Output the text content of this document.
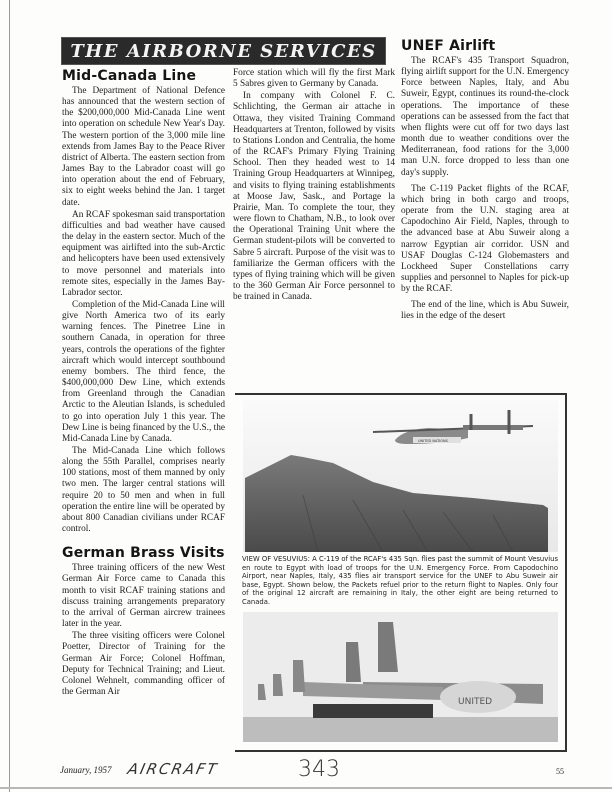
THE AIRBORNE SERVICES
Mid-Canada Line

The Department of National Defence has announced that the western section of the $200,000,000 Mid-Canada Line went into operation on schedule New Year's Day. The western portion of the 3,000 mile line extends from James Bay to the Peace River district of Alberta. The eastern section from James Bay to the Labrador coast will go into operation about the end of February, six to eight weeks behind the Jan. 1 target date.

An RCAF spokesman said transportation difficulties and bad weather have caused the delay in the eastern sector. Much of the equipment was airlifted into the sub-Arctic and helicopters have been used extensively to move personnel and materials into remote sites, especially in the James Bay-Labrador sector.

Completion of the Mid-Canada Line will give North America two of its early warning fences. The Pinetree Line in southern Canada, in operation for three years, controls the operations of the fighter aircraft which would intercept southbound enemy bombers. The third fence, the $400,000,000 Dew Line, which extends from Greenland through the Canadian Arctic to the Aleutian Islands, is scheduled to go into operation July 1 this year. The Dew Line is being financed by the U.S., the Mid-Canada Line by Canada.

The Mid-Canada Line which follows along the 55th Parallel, comprises nearly 100 stations, most of them manned by only two men. The larger central stations will require 20 to 50 men and when in full operation the entire line will be operated by about 800 Canadian civilians under RCAF control.

German Brass Visits

Three training officers of the new West German Air Force came to Canada this month to visit RCAF training stations and discuss training arrangements preparatory to the arrival of German aircrew trainees later in the year.

The three visiting officers were Colonel Poetter, Director of Training for the German Air Force; Colonel Hoffman, Deputy for Technical Training; and Lieut. Colonel Wehnelt, commanding officer of the German Air

Force station which will fly the first Mark 5 Sabres given to Germany by Canada.

In company with Colonel F. C. Schlichting, the German air attache in Ottawa, they visited Training Command Headquarters at Trenton, followed by visits to Stations London and Centralia, the home of the RCAF's Primary Flying Training School. Then they headed west to 14 Training Group Headquarters at Winnipeg, and visits to flying training establishments at Moose Jaw, Sask., and Portage la Prairie, Man. To complete the tour, they were flown to Chatham, N.B., to look over the Operational Training Unit where the German student-pilots will be converted to Sabre 5 aircraft. Purpose of the visit was to familiarize the German officers with the types of flying training which will be given to the 360 German Air Force personnel to be trained in Canada.

UNEF Airlift

The RCAF's 435 Transport Squadron, flying airlift support for the U.N. Emergency Force between Naples, Italy, and Abu Suweir, Egypt, continues its round-the-clock operations. The importance of these operations can be assessed from the fact that when flights were cut off for two days last month due to weather conditions over the Mediterranean, food rations for the 3,000 man U.N. force dropped to less than one day's supply.

The C-119 Packet flights of the RCAF, which bring in both cargo and troops, operate from the U.N. staging area at Capodochino Air Field, Naples, through to the advanced base at Abu Suweir along a narrow Egyptian air corridor. USN and USAF Douglas C-124 Globemasters and Lockheed Super Constellations carry supplies and personnel to Naples for pick-up by the RCAF.

The end of the line, which is Abu Suweir, lies in the edge of the desert

UNITED NATIONS
VIEW OF VESUVIUS: A C-119 of the RCAF's 435 Sqn. flies past the summit of Mount Vesuvius en route to Egypt with load of troops for the U.N. Emergency Force. From Capodochino Airport, near Naples, Italy, 435 flies air transport service for the UNEF to Abu Suweir air base, Egypt. Shown below, the Packets refuel prior to the return flight to Naples. Only four of the original 12 aircraft are remaining in Italy, the other eight are being returned to Canada.
UNITED
January, 1957 AIRCRAFT	343	55
